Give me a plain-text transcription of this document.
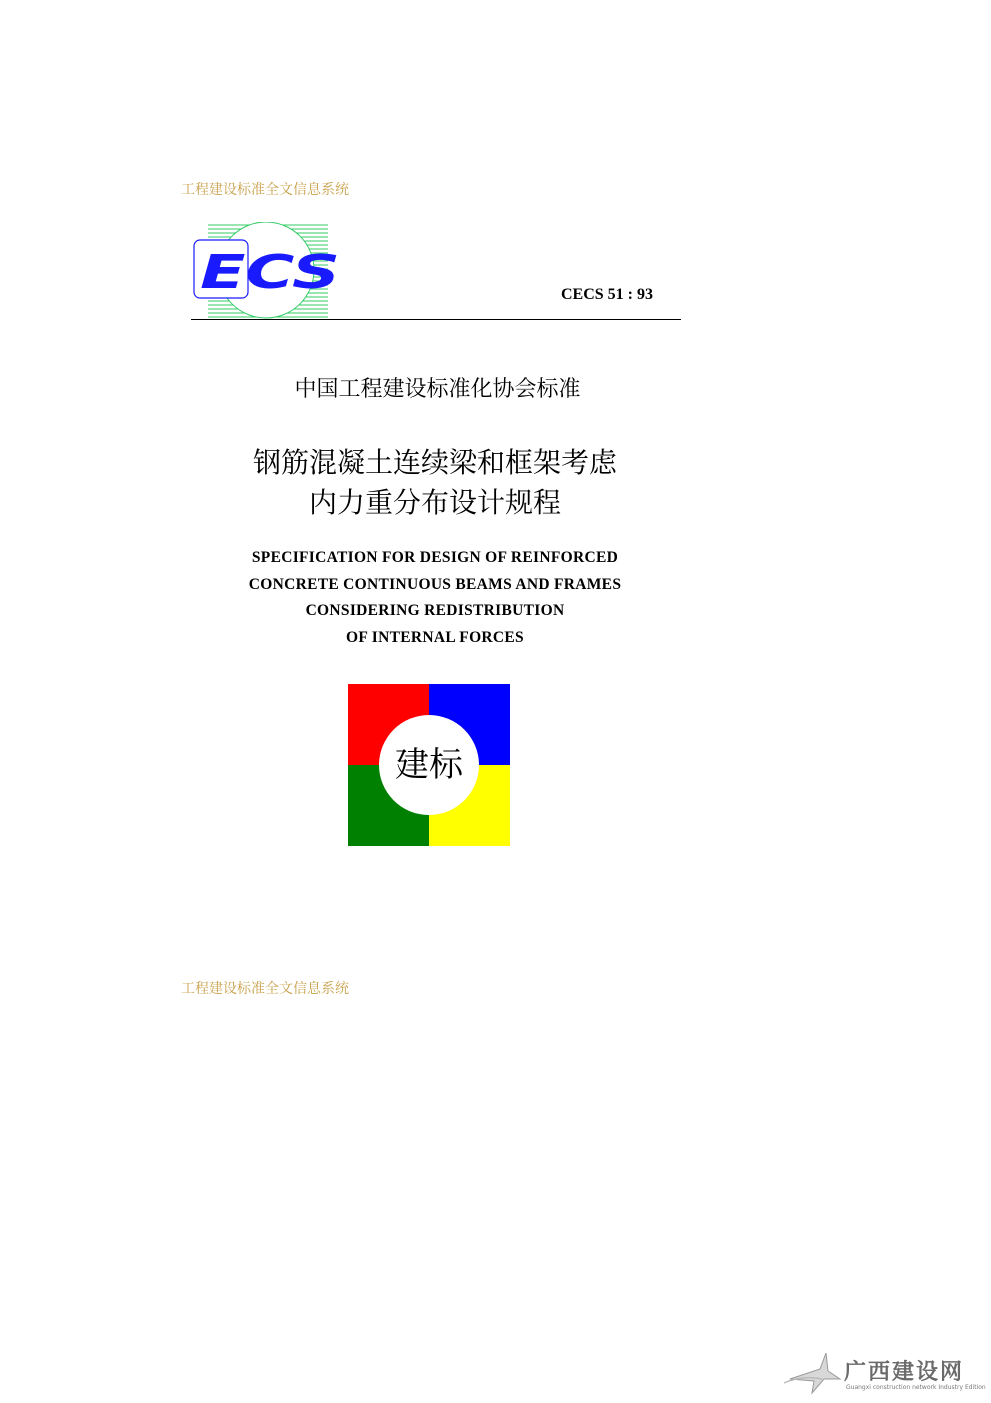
工程建设标准全文信息系统
ECS	CECS 51 : 93
中国工程建设标准化协会标准
钢筋混凝土连续梁和框架考虑
内力重分布设计规程
SPECIFICATION FOR DESIGN OF REINFORCED
CONCRETE CONTINUOUS BEAMS AND FRAMES
CONSIDERING REDISTRIBUTION
OF INTERNAL FORCES
建标
工程建设标准全文信息系统
广西建设网
Guangxi construction network Industry Edition
